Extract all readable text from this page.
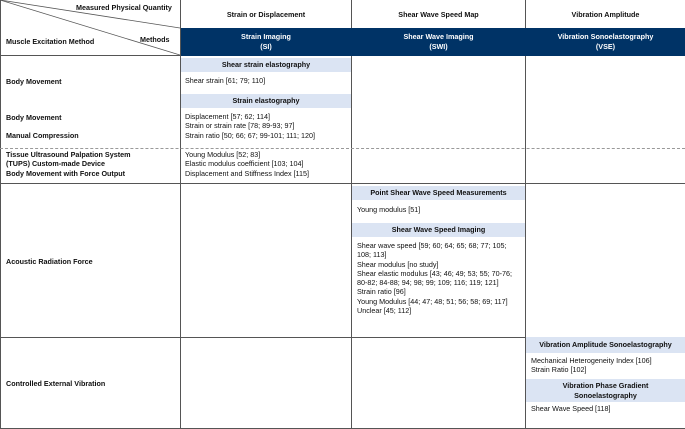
Measured Physical Quantity
Methods
Muscle Excitation Method
Strain or Displacement	Shear Wave Speed Map	Vibration Amplitude
Strain Imaging
(SI)
Shear Wave Imaging
(SWI)
Vibration Sonoelastography
(VSE)
Body Movement
Body Movement
Manual Compression
Tissue Ultrasound Palpation System
(TUPS) Custom-made Device
Body Movement with Force Output
Acoustic Radiation Force
Controlled External Vibration
Shear strain elastography
Shear strain [61; 79; 110]
Strain elastography
Displacement [57; 62; 114]
Strain or strain rate [78; 89-93; 97]
Strain ratio [50; 66; 67; 99-101; 111; 120]
Young Modulus [52; 83]
Elastic modulus coefficient [103; 104]
Displacement and Stiffness Index [115]
Point Shear Wave Speed Measurements
Young modulus [51]
Shear Wave Speed Imaging
Shear wave speed [59; 60; 64; 65; 68; 77; 105; 108; 113]
Shear modulus [no study]
Shear elastic modulus [43; 46; 49; 53; 55; 70-76; 80-82; 84-88; 94; 98; 99; 109; 116; 119; 121]
Strain ratio [96]
Young Modulus [44; 47; 48; 51; 56; 58; 69; 117]
Unclear [45; 112]
Vibration Amplitude Sonoelastography
Mechanical Heterogeneity Index [106]
Strain Ratio [102]
Vibration Phase Gradient Sonoelastography
Shear Wave Speed [118]
